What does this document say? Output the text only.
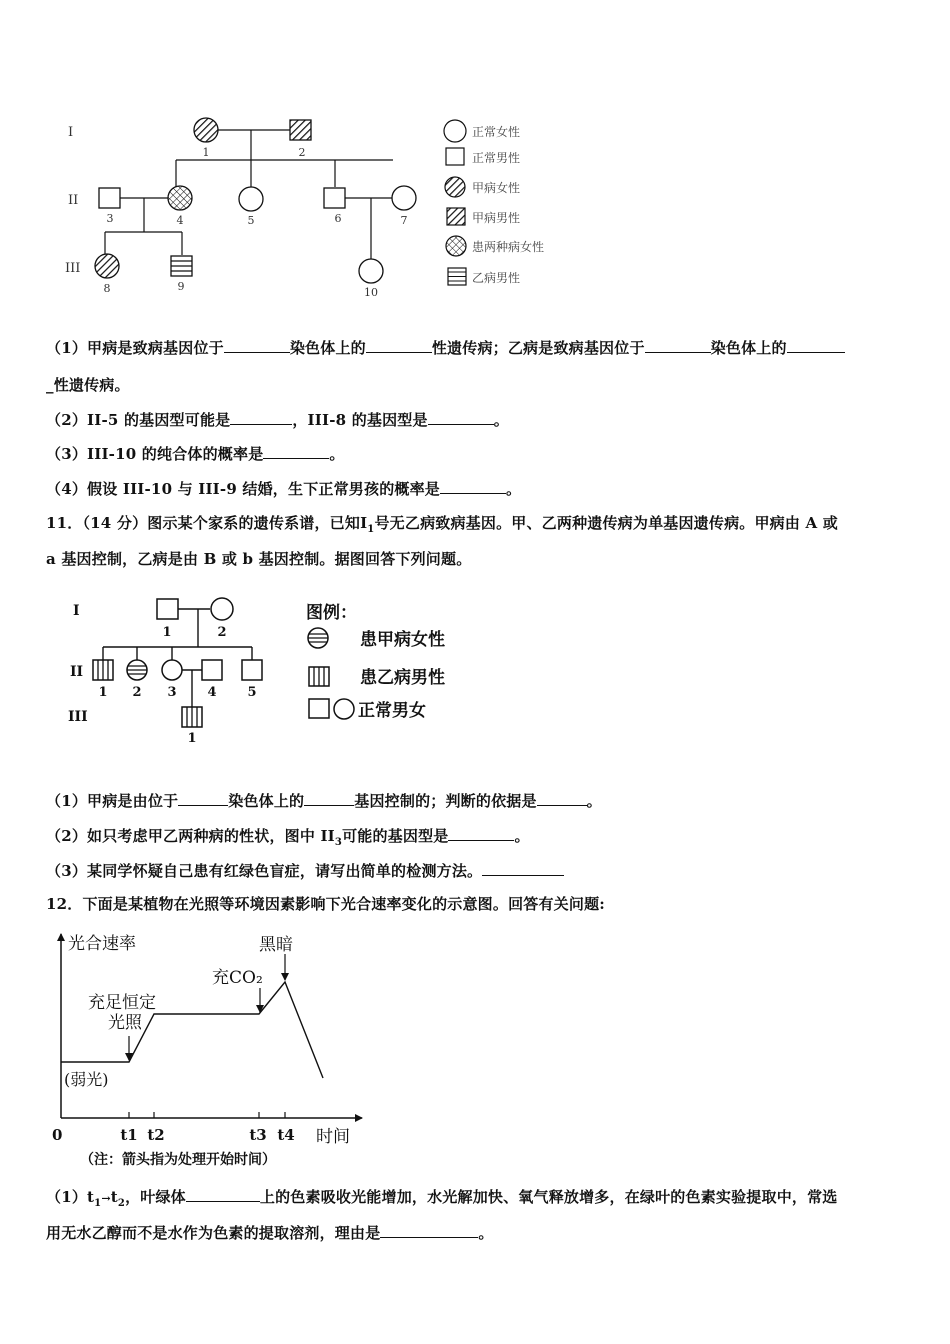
I
II
III
1	2
3	4	5	6	7
8	9	10
正常女性
正常男性
甲病女性
甲病男性
患两种病女性
乙病男性
（1）甲病是致病基因位于	染色体上的	性遗传病；乙病是致病基因位于	染色体上的
_性遗传病。
（2）II-5 的基因型可能是	，III-8 的基因型是	。
（3）III-10 的纯合体的概率是	。
（4）假设 III-10 与 III-9 结婚，生下正常男孩的概率是	。
11．（14 分）图示某个家系的遗传系谱，已知$Ⅰ_1$号无乙病致病基因。甲、乙两种遗传病为单基因遗传病。甲病由 A 或
a 基因控制，乙病是由 B 或 b 基因控制。据图回答下列问题。
I
II
III
1	2
1 2 3 4 5
1
图例：
患甲病女性
患乙病男性
正常男女
（1）甲病是由位于	染色体上的	基因控制的；判断的依据是	。
（2）如只考虑甲乙两种病的性状，图中 $II_3$可能的基因型是	。
（3）某同学怀疑自己患有红绿色盲症，请写出简单的检测方法。
12．下面是某植物在光照等环境因素影响下光合速率变化的示意图。回答有关问题:
光合速率
时间
0	t1 t2	t3 t4
(弱光)
充足恒定
光照
充CO₂
黑暗
（注：箭头指为处理开始时间）
$(1)t_1\to t_2$，叶绿体	上的色素吸收光能增加，水光解加快、氧气释放增多，在绿叶的色素实验提取中，常选
用无水乙醇而不是水作为色素的提取溶剂，理由是	。
